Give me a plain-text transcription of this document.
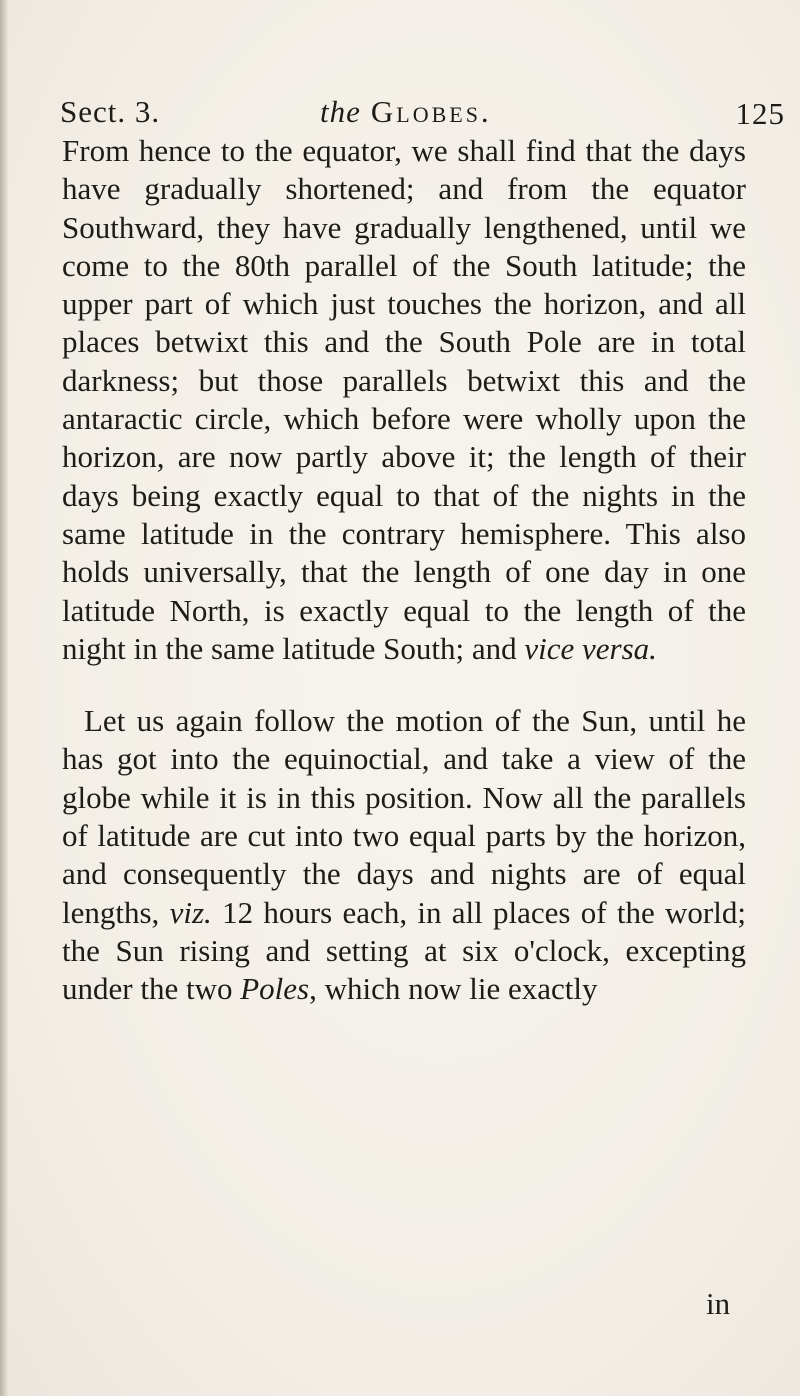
Sect. 3.	the Globes.	125

From hence to the equator, we shall find that the days have gradually shortened; and from the equator Southward, they have gradually lengthened, until we come to the 80th parallel of the South latitude; the upper part of which just touches the horizon, and all places betwixt this and the South Pole are in total darkness; but those parallels betwixt this and the antaractic circle, which before were wholly upon the horizon, are now partly above it; the length of their days being exactly equal to that of the nights in the same latitude in the contrary hemisphere. This also holds universally, that the length of one day in one latitude North, is exactly equal to the length of the night in the same latitude South; and vice versa.

Let us again follow the motion of the Sun, until he has got into the equinoctial, and take a view of the globe while it is in this position. Now all the parallels of latitude are cut into two equal parts by the horizon, and consequently the days and nights are of equal lengths, viz. 12 hours each, in all places of the world; the Sun rising and setting at six o'clock, excepting under the two Poles, which now lie exactly

in
